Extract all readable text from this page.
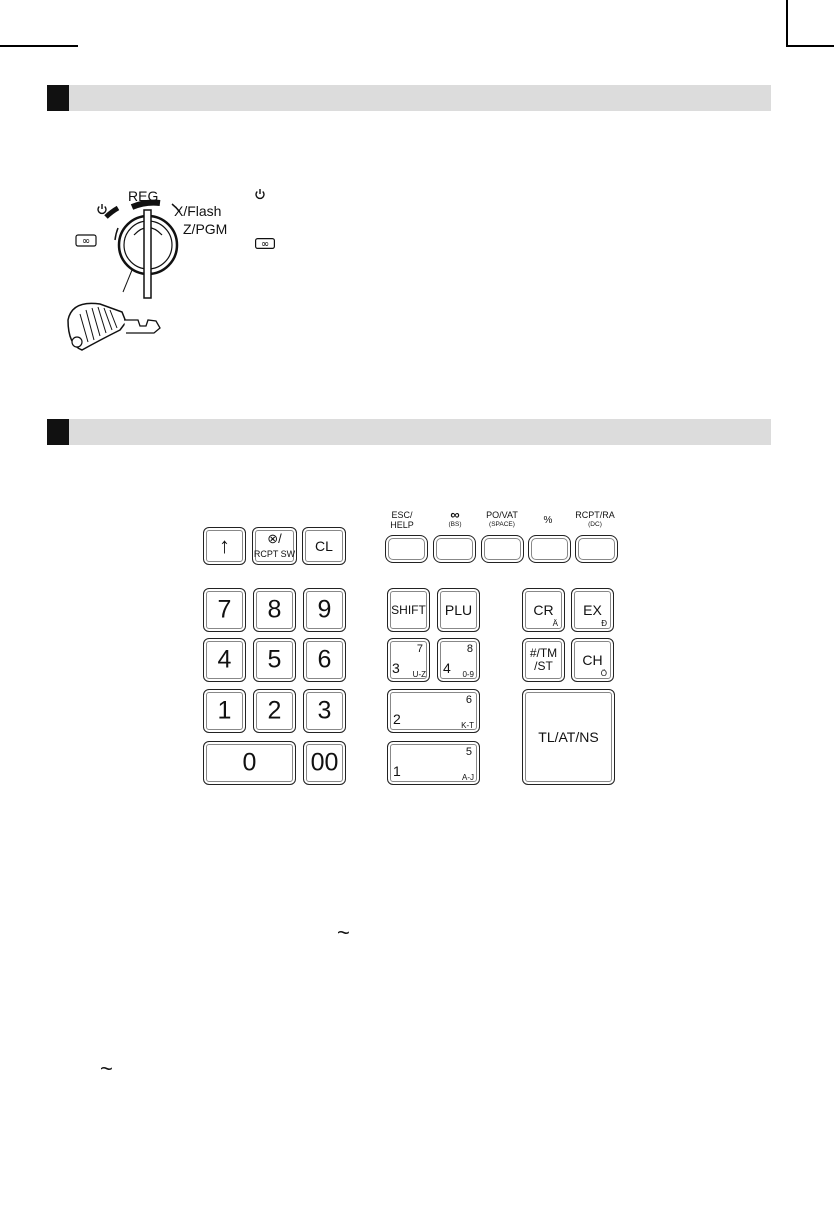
∞
REG
X/Flash
Z/PGM
∞
ESC/
HELP
∞
(BS)
PO/VAT
(SPACE)	%	RCPT/RA
(DC)
↑	⊗/
RCPT SW	CL
7	8	9
4	5	6
1	2	3
0	00
SHIFT	PLU
7
3 U-Z
8
4 0-9
6
2	K-T
5
1	A-J
CR
Ä
EX
Đ
#/TM
/ST	CH
Ö
TL/AT/NS
~
~
